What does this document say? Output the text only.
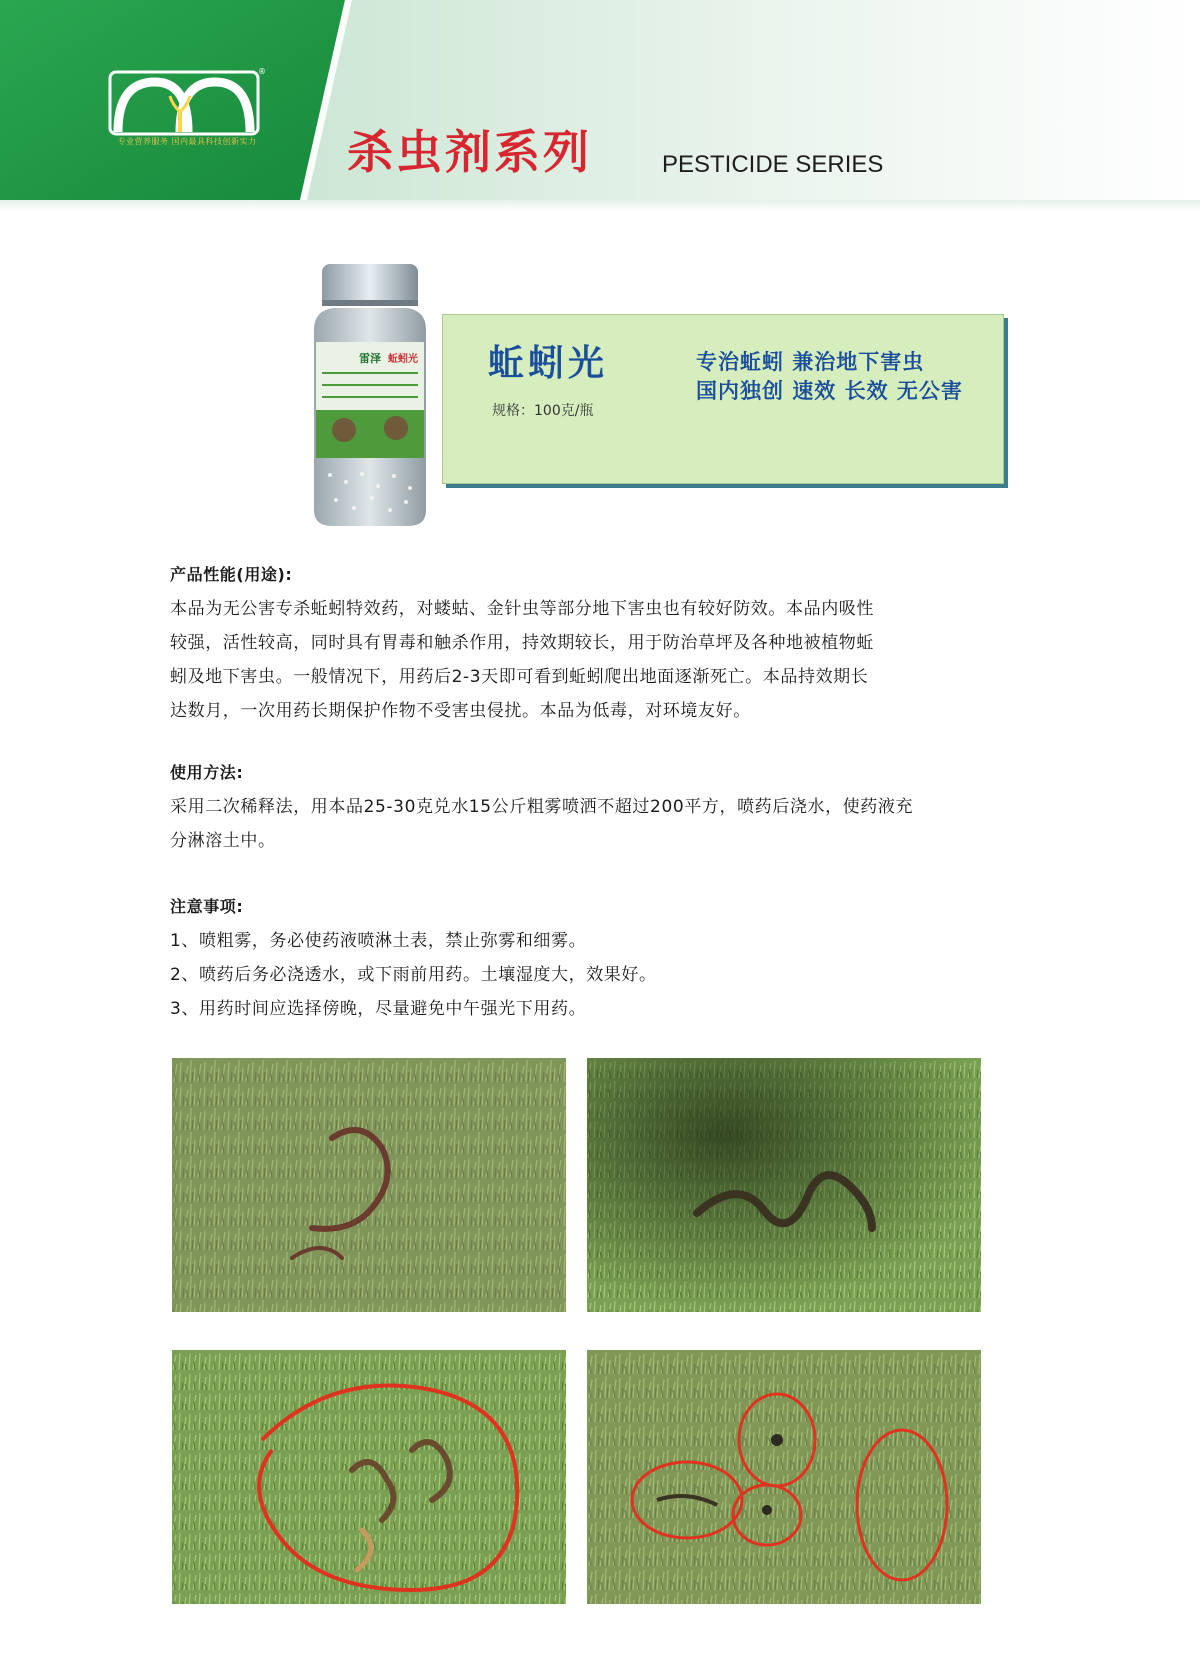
®
专业营养服务 国内最具科技创新实力	杀虫剂系列	PESTICIDE SERIES
雷泽 蚯蚓光 蚯蚓光
规格：100克/瓶
专治蚯蚓 兼治地下害虫
国内独创 速效 长效 无公害
产品性能(用途):
本品为无公害专杀蚯蚓特效药，对蝼蛄、金针虫等部分地下害虫也有较好防效。本品内吸性
较强，活性较高，同时具有胃毒和触杀作用，持效期较长，用于防治草坪及各种地被植物蚯
蚓及地下害虫。一般情况下，用药后2-3天即可看到蚯蚓爬出地面逐渐死亡。本品持效期长
达数月，一次用药长期保护作物不受害虫侵扰。本品为低毒，对环境友好。
使用方法:
采用二次稀释法，用本品25-30克兑水15公斤粗雾喷洒不超过200平方，喷药后浇水，使药液充
分淋溶土中。
注意事项:
1、喷粗雾，务必使药液喷淋土表，禁止弥雾和细雾。
2、喷药后务必浇透水，或下雨前用药。土壤湿度大，效果好。
3、用药时间应选择傍晚，尽量避免中午强光下用药。
